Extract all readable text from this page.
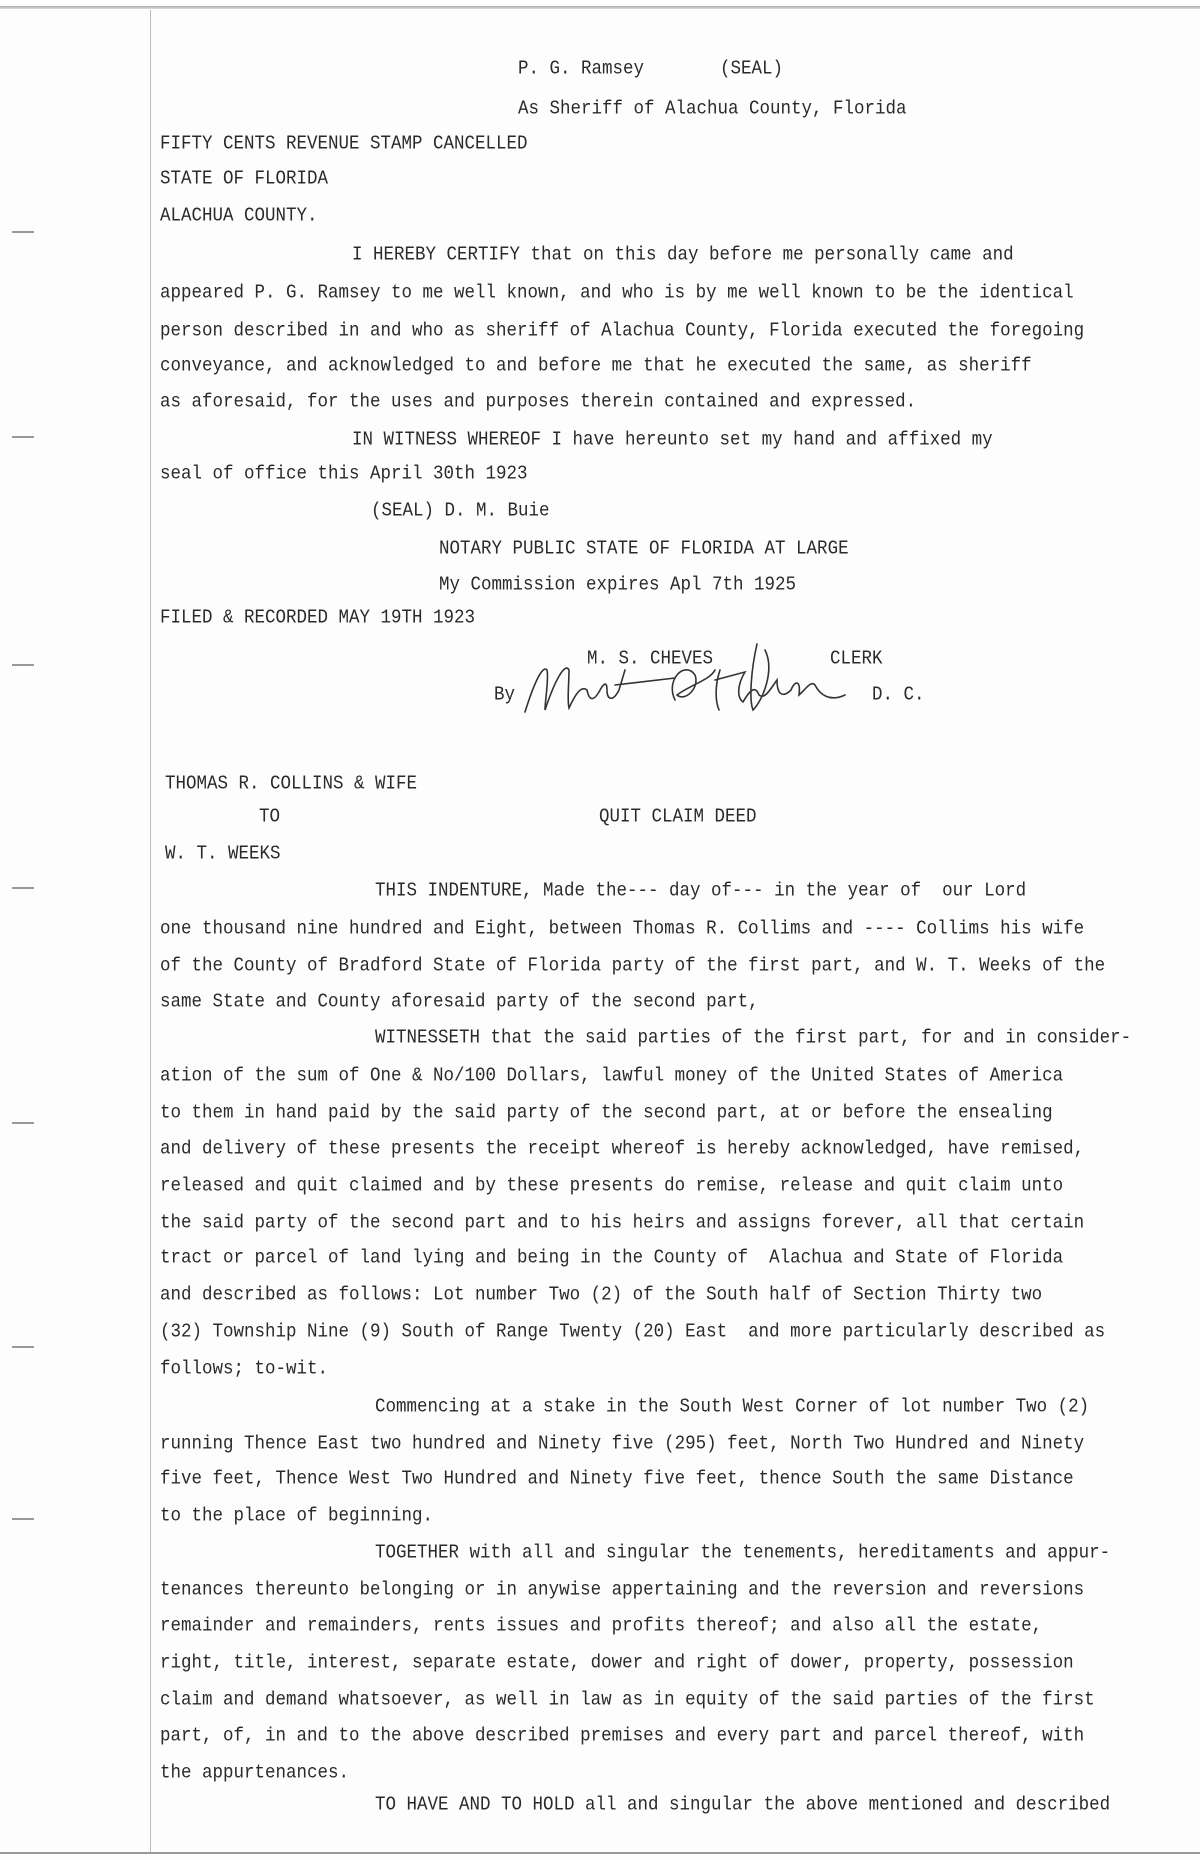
P. G. Ramsey	(SEAL)
As Sheriff of Alachua County, Florida
FIFTY CENTS REVENUE STAMP CANCELLED
STATE OF FLORIDA
ALACHUA COUNTY.
I HEREBY CERTIFY that on this day before me personally came and
appeared P. G. Ramsey to me well known, and who is by me well known to be the identical
person described in and who as sheriff of Alachua County, Florida executed the foregoing
conveyance, and acknowledged to and before me that he executed the same, as sheriff
as aforesaid, for the uses and purposes therein contained and expressed.
IN WITNESS WHEREOF I have hereunto set my hand and affixed my
seal of office this April 30th 1923
(SEAL) D. M. Buie
NOTARY PUBLIC STATE OF FLORIDA AT LARGE
My Commission expires Apl 7th 1925
FILED & RECORDED MAY 19TH 1923
M. S. CHEVES	CLERK
By	D. C.
THOMAS R. COLLINS & WIFE
TO	QUIT CLAIM DEED
W. T. WEEKS
THIS INDENTURE, Made the--- day of--- in the year of  our Lord
one thousand nine hundred and Eight, between Thomas R. Collims and ---- Collims his wife
of the County of Bradford State of Florida party of the first part, and W. T. Weeks of the
same State and County aforesaid party of the second part,
WITNESSETH that the said parties of the first part, for and in consider-
ation of the sum of One & No/100 Dollars, lawful money of the United States of America
to them in hand paid by the said party of the second part, at or before the ensealing
and delivery of these presents the receipt whereof is hereby acknowledged, have remised,
released and quit claimed and by these presents do remise, release and quit claim unto
the said party of the second part and to his heirs and assigns forever, all that certain
tract or parcel of land lying and being in the County of  Alachua and State of Florida
and described as follows: Lot number Two (2) of the South half of Section Thirty two
(32) Township Nine (9) South of Range Twenty (20) East  and more particularly described as
follows; to-wit.
Commencing at a stake in the South West Corner of lot number Two (2)
running Thence East two hundred and Ninety five (295) feet, North Two Hundred and Ninety
five feet, Thence West Two Hundred and Ninety five feet, thence South the same Distance
to the place of beginning.
TOGETHER with all and singular the tenements, hereditaments and appur-
tenances thereunto belonging or in anywise appertaining and the reversion and reversions
remainder and remainders, rents issues and profits thereof; and also all the estate,
right, title, interest, separate estate, dower and right of dower, property, possession
claim and demand whatsoever, as well in law as in equity of the said parties of the first
part, of, in and to the above described premises and every part and parcel thereof, with
the appurtenances.
TO HAVE AND TO HOLD all and singular the above mentioned and described
